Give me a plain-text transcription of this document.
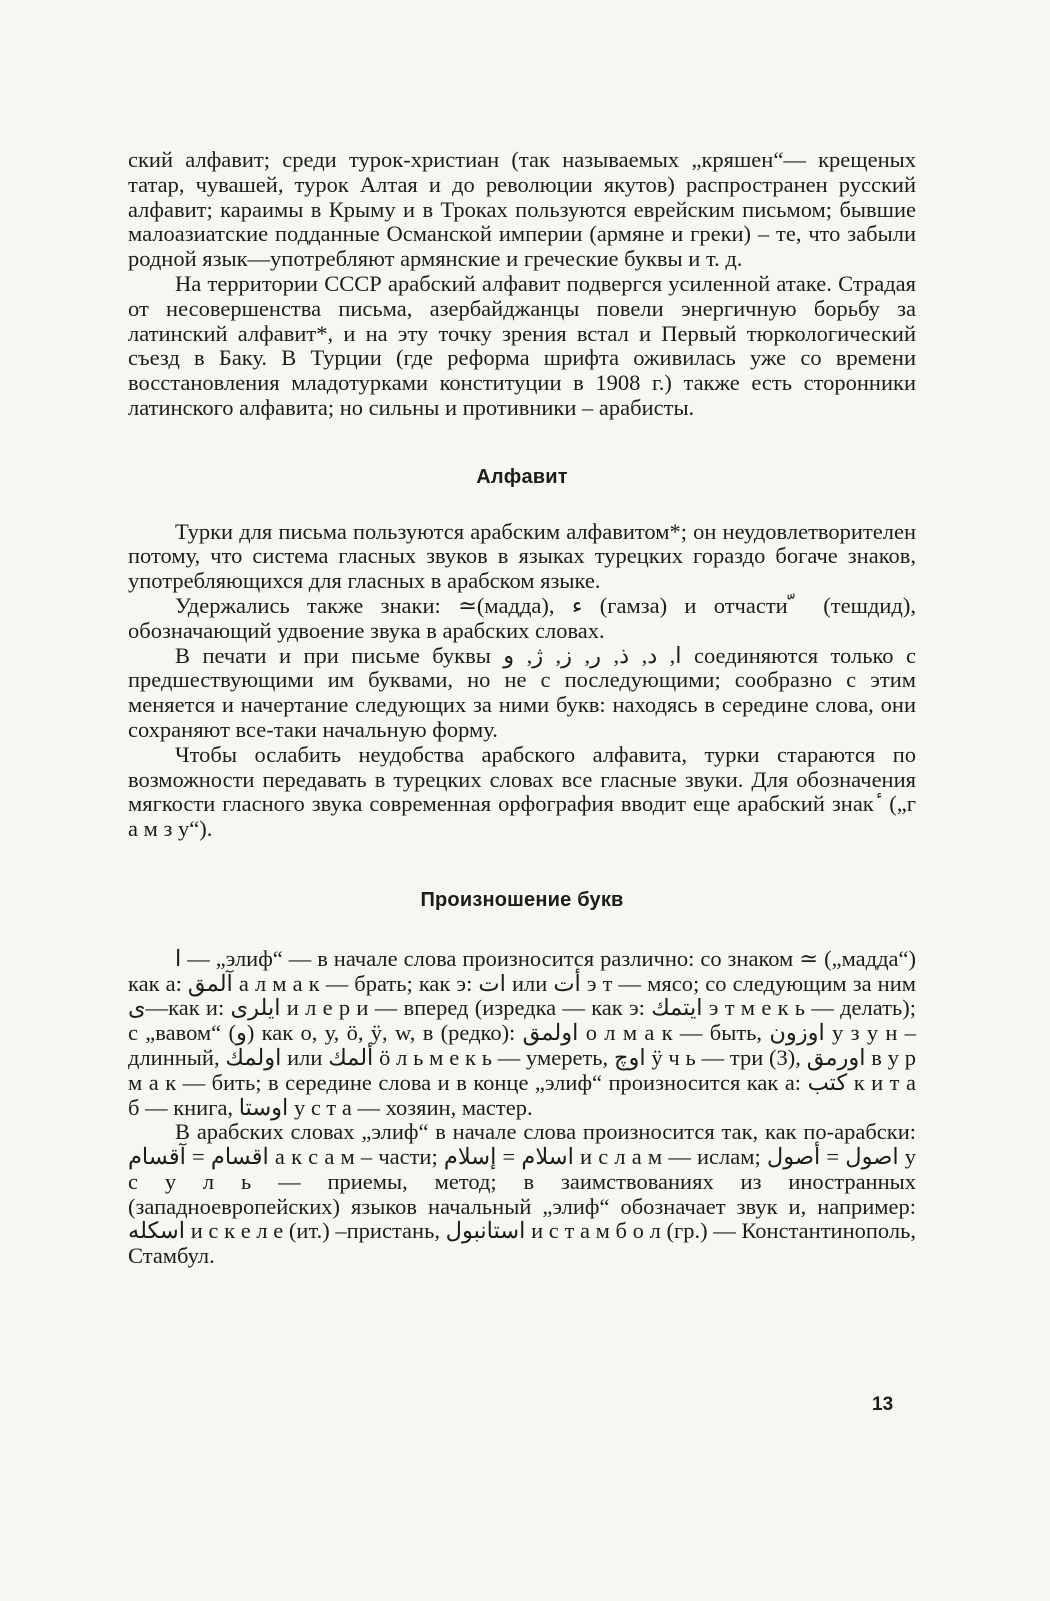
ский алфавит; среди турок-христиан (так называемых „кряшен“— крещеных татар, чувашей, турок Алтая и до революции якутов) распространен русский алфавит; караимы в Крыму и в Троках пользуются еврейским письмом; бывшие малоазиатские подданные Османской империи (армяне и греки) – те, что забыли родной язык—употребляют армянские и греческие буквы и т. д.

На территории СССР арабский алфавит подвергся усиленной атаке. Страдая от несовершенства письма, азербайджанцы повели энергичную борьбу за латинский алфавит*, и на эту точку зрения встал и Первый тюркологический съезд в Баку. В Турции (где реформа шрифта оживилась уже со времени восстановления младотурками конституции в 1908 г.) также есть сторонники латинского алфавита; но сильны и противники – арабисты.

Алфавит

Турки для письма пользуются арабским алфавитом*; он неудовлетворителен потому, что система гласных звуков в языках турецких гораздо богаче знаков, употребляющихся для гласных в арабском языке.

Удержались также знаки: ≃(мадда), ء (гамза) и отчасти ّ (тешдид), обозначающий удвоение звука в арабских словах.

В печати и при письме буквы ا, د, ذ, ر, ز, ژ, و соединяются только с предшествующими им буквами, но не с последующими; сообразно с этим меняется и начертание следующих за ними букв: находясь в середине слова, они сохраняют все-таки начальную форму.

Чтобы ослабить неудобства арабского алфавита, турки стараются по возможности передавать в турецких словах все гласные звуки. Для обозначения мягкости гласного звука современная орфография вводит еще арабский знак ٔ („г а м з у“).

Произношение букв

ا — „элиф“ — в начале слова произносится различно: со знаком ≃ („мадда“) как а: آلمق а л м а к — брать; как э: ات или أت э т — мясо; со следующим за ним ی—как и: ایلری и л е р и — вперед (изредка — как э: ایتمك э т м е к ь — делать); с „вавом“ (و) как о, у, ö, ӱ, w, в (редко): اولمق о л м а к — быть, اوزون у з у н – длинный, اولمك или ألمك ö л ь м е к ь — умереть, اوچ ӱ ч ь — три (3), اورمق в у р м а к — бить; в середине слова и в конце „элиф“ произносится как а: كتب к и т а б — книга, اوستا у с т а — хозяин, мастер.

В арабских словах „элиф“ в начале слова произносится так, как по-арабски: اقسام = آقسام а к с а м – части; اسلام = إسلام и с л а м — ислам; اصول = أصول у с у л ь — приемы, метод; в заимствованиях из иностранных (западноевропейских) языков начальный „элиф“ обозначает звук и, например: اسكله и с к е л е (ит.) –пристань, استانبول и с т а м б о л (гр.) — Константинополь, Стамбул.

13
